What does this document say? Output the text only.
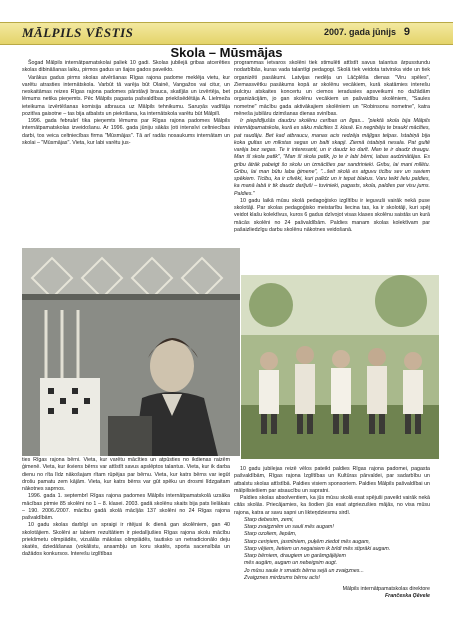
MĀLPILS VĒSTIS	2007. gada jūnijs 9
Skola – Mūsmājas

Šogad Mālpils internātpamatskolai paliek 10 gadi. Skolas jubilejā gribas atcerēties skolas dibināšanas laiku, pirmos gadus un šajos gados paveikto.

Varākus gadus pirms skolas atvēršanas Rīgas rajona padome meklēja vietu, kur varētu atrasties internātskola. Varbūt tā varēja būt Olainē, Vangažos vai citur, un neskaitāmas reizes Rīgas rajona padomes pārstāvji brauca, skatījās un izvērtēja, bet lēmums netika pieņemts. Pēc Mālpils pagasta pašvaldības priekšsēdētāja A. Lielmeža ieteikuma izvērtēšanas komisija atbrauca uz Mālpils tehnikumu. Saruņās vadītāja pozitīva gaisotne – tas bija atbalsts un piekrišana, ka internātskola varētu būt Mālpilī.

1996. gada februārī tika pieņemts lēmums par Rīgas rajona padomes Mālpils internātpamatskolas izveidošanu. Ar 1996. gada jūniju sākās ļoti intensīvi celtniecības darbi, tos veica celtniecības firma "Mūsmājas". Tā arī radās nosaukums internātam un skolai – "Mūsmājas". Vieta, kur labi varētu jus-

programmas ietvaros skolēni tiek stimulēti attīstīt savus talantus ārpusstundu nodarbībās, kuras vada talantīgi pedagogi. Skolā tiek veidota tatvirska vide un tiek organizēti pasākumi. Latvijas nedēļa un Lāčplēša dienas "Viru spēles", Ziemassvētku pasākums kopā ar skolēnu vecākiem, kurā skatāmies interešu pulciņu atskaites koncertu un ciemos ieradusies apsveikumi no dažādām organizācijām, jo gan skolēnu vecākiem un pašvaldību skolēniem, "Saules nometne" mācību gada aktivākajiem skolēniem un "Robinsonu nometne", katra mēneša jubilāru dzimšanas dienas svinības.

Ir piepildījušās daudzu skolēnu cerības un līgas... "piektā skola bija Mālpils internātpamatskola, kurā es sāku mācīties 3. klasē. Es negribēju te braukt mācīties, pat raudāju. Bet kad atbraucu, manas acis redzēja mājīgas telpas. Istabiņā bija koka gultas un mīkstas segas un balti skapji. Ziemā istabiņā nesala. Pat gultē varēja bez segas. Te ir interesanti, un ir daudz ko darīt. Man te ir daudz draugu. Man šī skola patīk", "Man šī skola patīk, jo te ir labi bērni, labas audzinātājas. Es gribu ātrāk pabeigt šo skolu un izmācīties par sandrinieki. Gribu, lai mani mīlētu. Gribu, lai man būtu laba ģimene", "...šeit skolā es atguvu ticību sev un saviem spēkiem. Ticību, ka ir cilvēki, kuri palīdz un ir tepat blakus. Varu teikt lielu paldies, ka manā labā ir tik daudz darījuši – tuvinieki, pagasts, skola, paldies par visu jums. Paldies."

10 gadu laikā mūsu skolā pedagoģisko izglītību ir ieguvuši vairāk nekā puse skolotāji. Par skolas pedagoģisko meistarību liecina tas, ka ir skolotāji, kuri spēj veidot klašu kolektīvus, kuros 6 gadus dzīvojot visas klases skolēnu saistās un kurā mācās skolēni no 24 pašvaldībām. Paldies manam skolas kolektīvam par pašaizliedzīgu darbu skolēnu nākotnes veidošanā.

ties Rīgas rajona bērni. Vieta, kur varētu mācīties un atpūsties no ikdienas raizēm ģimenē. Vieta, kur ikviens bērns var attīstīt savus apslēptos talantus. Vieta, kur ik darba dienu no rīta līdz nākošajam rītam rūpējas par bērnu. Vieta, kur katrs bērns var iegūt drošu pamatu zem kājām. Vieta, kur katrs bērns var gūt spēku un drosmi līdzgaitam nākotnes saprnos.

1996. gada 1. septembrī Rīgas rajona padomes Mālpils internātpamatskolā uzsāka mācības pirmie 85 skolēni no 1 – 8. klasei. 2003. gadā skolēnu skaits bija pats lielākais – 190. 2006./2007. mācību gadā skolā mācījās 137 skolēni no 24 Rīgas rajona pašvaldībām.

10 gadu skolas darbīgi un spraigi ir ritējusi ik dienā gan skolēniem, gan 40 skolotājiem. Skolēni ar labiem rezultātiem ir piedalījušies Rīgas rajona skolu mācību priekšmetu olimpiādēs, vizuālās mākslas olimpiādēs, tautisko un netradicionālo deju skatēs, dziedāšanas (vokālistu, ansambļu un koru skatēs, sporta sacensībās un dažādos konkursos. Interešu izglītības

10 gadu jubilejas reizē vēlos pateikt paldies Rīgas rajona padomei, pagasta pašvaldībām, Rīgas rajona Izglītības un Kultūras pārvaldei, par sadarbību un atbalstu skolas attīstībā. Paldies visiem sponsoriem. Paldies Mālpils pašvaldībai un mālpilisiešiem par atsaucību un sapratni.

Paldies skolas absolventiem, ka jūs mūsu skolā esat spējuši paveikt vairāk nekā citās skolās. Priecājamies, ka šodien jūs esat atgriezušies mājās, no visa mūsu rajona, katra ar savu sapni un likteņdziesmu sirdī.

Starp debesim, zemi,

Starp zvaigznēm un sauli mēs augam!

Starp ozoliem, liepām,

Starp ceriņiem, jasmīniem, puķēm ziedot mēs augam,

Starp vējiem, lietiem un negaisiem ik brīdi mēs stiprāki augam.

Starp bērniem, draugiem un garāmgājējiem

mēs augām, augam un nebeigsim augt.

Jo mūsu saule ir smaids bērna sejā un zvaigznes...

Zvaigznes mirdzums bērnu acīs!

Mālpils internātpamatskolas direktore

Frančeska Ģēvele
